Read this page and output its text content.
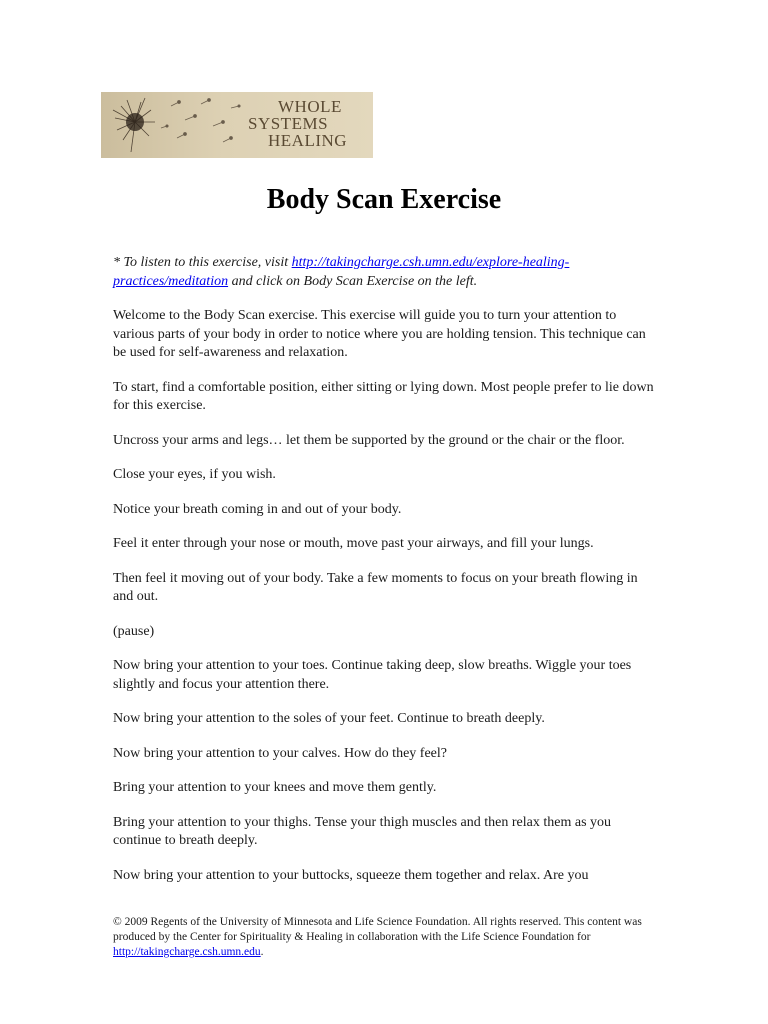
WHOLE
SYSTEMS
HEALING
Body Scan Exercise

* To listen to this exercise, visit http://takingcharge.csh.umn.edu/explore-healing-practices/meditation and click on Body Scan Exercise on the left.

Welcome to the Body Scan exercise. This exercise will guide you to turn your attention to various parts of your body in order to notice where you are holding tension. This technique can be used for self-awareness and relaxation.

To start, find a comfortable position, either sitting or lying down. Most people prefer to lie down for this exercise.

Uncross your arms and legs… let them be supported by the ground or the chair or the floor.

Close your eyes, if you wish.

Notice your breath coming in and out of your body.

Feel it enter through your nose or mouth, move past your airways, and fill your lungs.

Then feel it moving out of your body. Take a few moments to focus on your breath flowing in and out.

(pause)

Now bring your attention to your toes. Continue taking deep, slow breaths. Wiggle your toes slightly and focus your attention there.

Now bring your attention to the soles of your feet. Continue to breath deeply.

Now bring your attention to your calves. How do they feel?

Bring your attention to your knees and move them gently.

Bring your attention to your thighs. Tense your thigh muscles and then relax them as you continue to breath deeply.

Now bring your attention to your buttocks, squeeze them together and relax. Are you

© 2009 Regents of the University of Minnesota and Life Science Foundation. All rights reserved. This content was produced by the Center for Spirituality & Healing in collaboration with the Life Science Foundation for http://takingcharge.csh.umn.edu.
